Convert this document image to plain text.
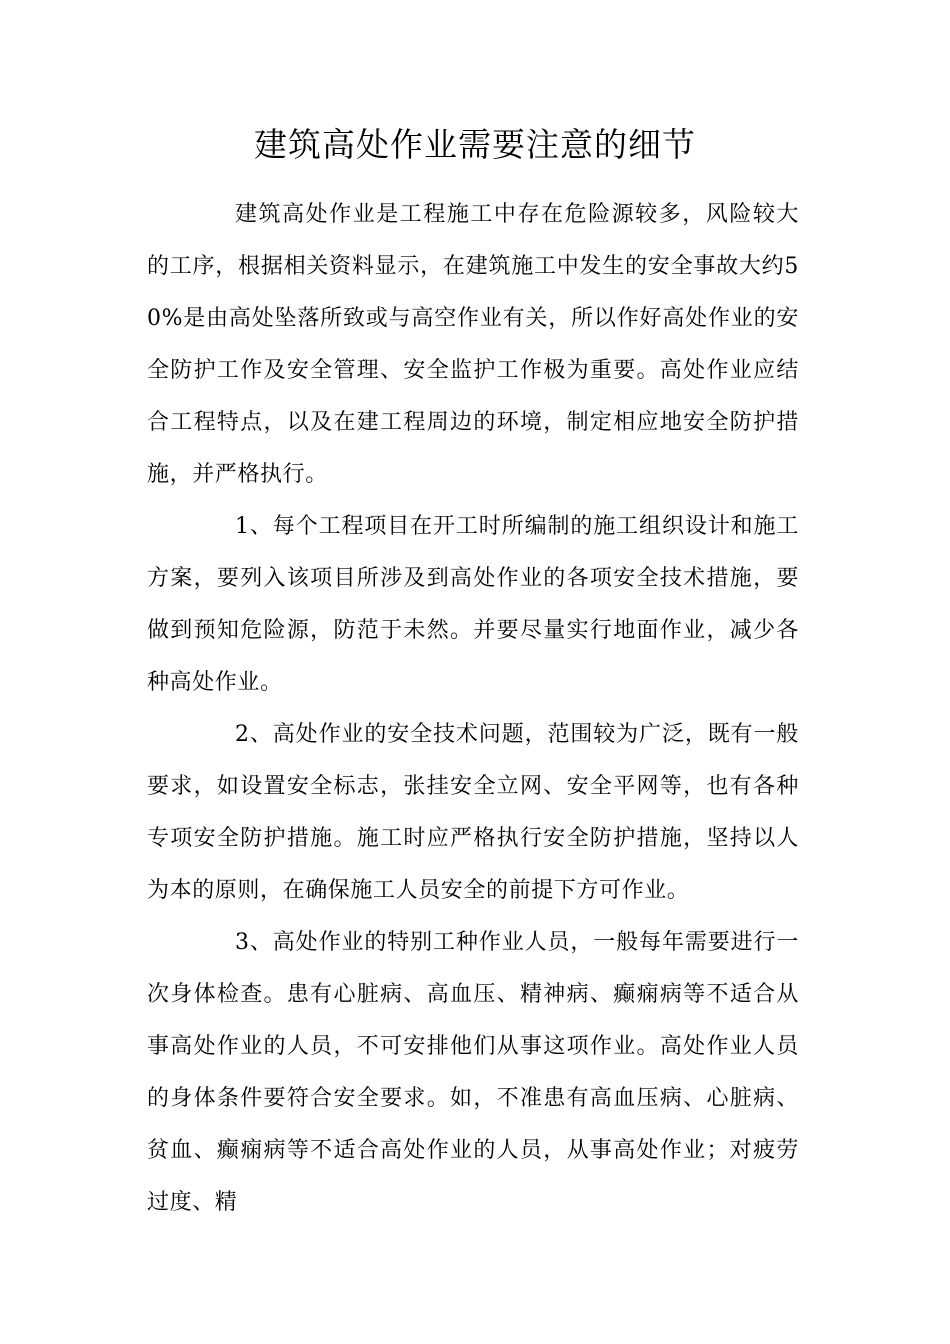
建筑高处作业需要注意的细节

建筑高处作业是工程施工中存在危险源较多，风险较大的工序，根据相关资料显示，在建筑施工中发生的安全事故大约50%是由高处坠落所致或与高空作业有关，所以作好高处作业的安全防护工作及安全管理、安全监护工作极为重要。高处作业应结合工程特点，以及在建工程周边的环境，制定相应地安全防护措施，并严格执行。

1、每个工程项目在开工时所编制的施工组织设计和施工方案，要列入该项目所涉及到高处作业的各项安全技术措施，要做到预知危险源，防范于未然。并要尽量实行地面作业，减少各种高处作业。

2、高处作业的安全技术问题，范围较为广泛，既有一般要求，如设置安全标志，张挂安全立网、安全平网等，也有各种专项安全防护措施。施工时应严格执行安全防护措施，坚持以人为本的原则，在确保施工人员安全的前提下方可作业。

3、高处作业的特别工种作业人员，一般每年需要进行一次身体检查。患有心脏病、高血压、精神病、癫痫病等不适合从事高处作业的人员，不可安排他们从事这项作业。高处作业人员的身体条件要符合安全要求。如，不准患有高血压病、心脏病、贫血、癫痫病等不适合高处作业的人员，从事高处作业；对疲劳过度、精
